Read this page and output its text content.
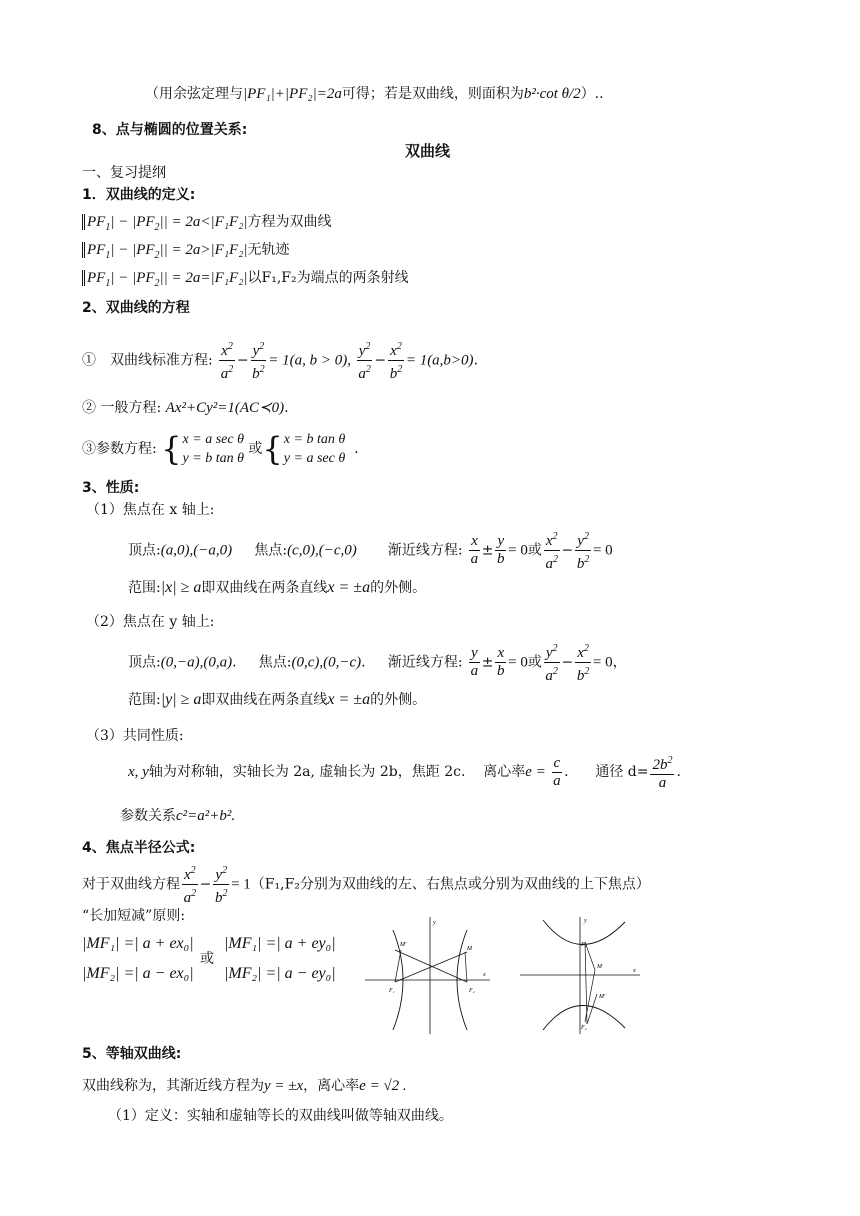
（用余弦定理与|PF₁|+|PF₂|=2a可得；若是双曲线，则面积为b²·cot θ/2）..
8、点与椭圆的位置关系:
双曲线
一、复习提纲
1．双曲线的定义:
$PF_1| - |PF_2|| = 2a<|F_1F_2|$方程为双曲线
$PF_1| - |PF_2|| = 2a>|F_1F_2|$无轨迹
$PF_1| - |PF_2|| = 2a=|F_1F_2|$以F₁,F₂为端点的两条射线
2、双曲线的方程
①　双曲线标准方程: $\frac{x^2}{a^2} - \frac{y^2}{b^2} = 1(a$, b > 0), $\frac{y^2}{a^2} - \frac{x^2}{b^2} = 1(a,b>0)$.
② 一般方程: Ax²+Cy²=1(AC≺0).
③参数方程: { x = a sec θ
y = b tan θ
或{ x = b tan θ
y = a sec θ
.
3、性质:
（1）焦点在 x 轴上:
顶点:(a,0),(−a,0) 焦点:(c,0),(−c,0) 渐近线方程: $\frac{x}{a} \pm \frac{y}{b} = 0$或 $\frac{x^2}{a^2} - \frac{y^2}{b^2} = 0$
范围:|x| ≥ a即双曲线在两条直线x = ±a的外侧。
（2）焦点在 y 轴上:
顶点:(0,−a),(0,a).     焦点:(0,c),(0,−c).     渐近线方程: $\frac{y}{a} \pm \frac{x}{b} = 0$或 $\frac{y^2}{a^2} - \frac{x^2}{b^2} = 0$，
范围:|y| ≥ a即双曲线在两条直线x = ±a的外侧。
（3）共同性质:
x, y轴为对称轴，实轴长为 2a, 虚轴长为 2b，焦距 2c. 离心率$e = \frac{c}{a}$ .      通径 $d= \frac{2b^2}{a}$ .
参数关系c²=a²+b².
4、焦点半径公式:
对于双曲线方程 $\frac{x^2}{a^2} - \frac{y^2}{b^2} = 1(F_1,F_2$分别为双曲线的左、右焦点或分别为双曲线的上下焦点）
“长加短减”原则:
|MF₁| =| a + ex₀|
|MF₂| =| a − ex₀|
或
|MF₁| =| a + ey₀|
|MF₂| =| a − ey₀|
y
x
M′
M
F₁	F₂
y
x
F₁
M
M′
F₂
5、等轴双曲线:
双曲线称为，其渐近线方程为y = ±x，离心率e = √2 .
（1）定义：实轴和虚轴等长的双曲线叫做等轴双曲线。
